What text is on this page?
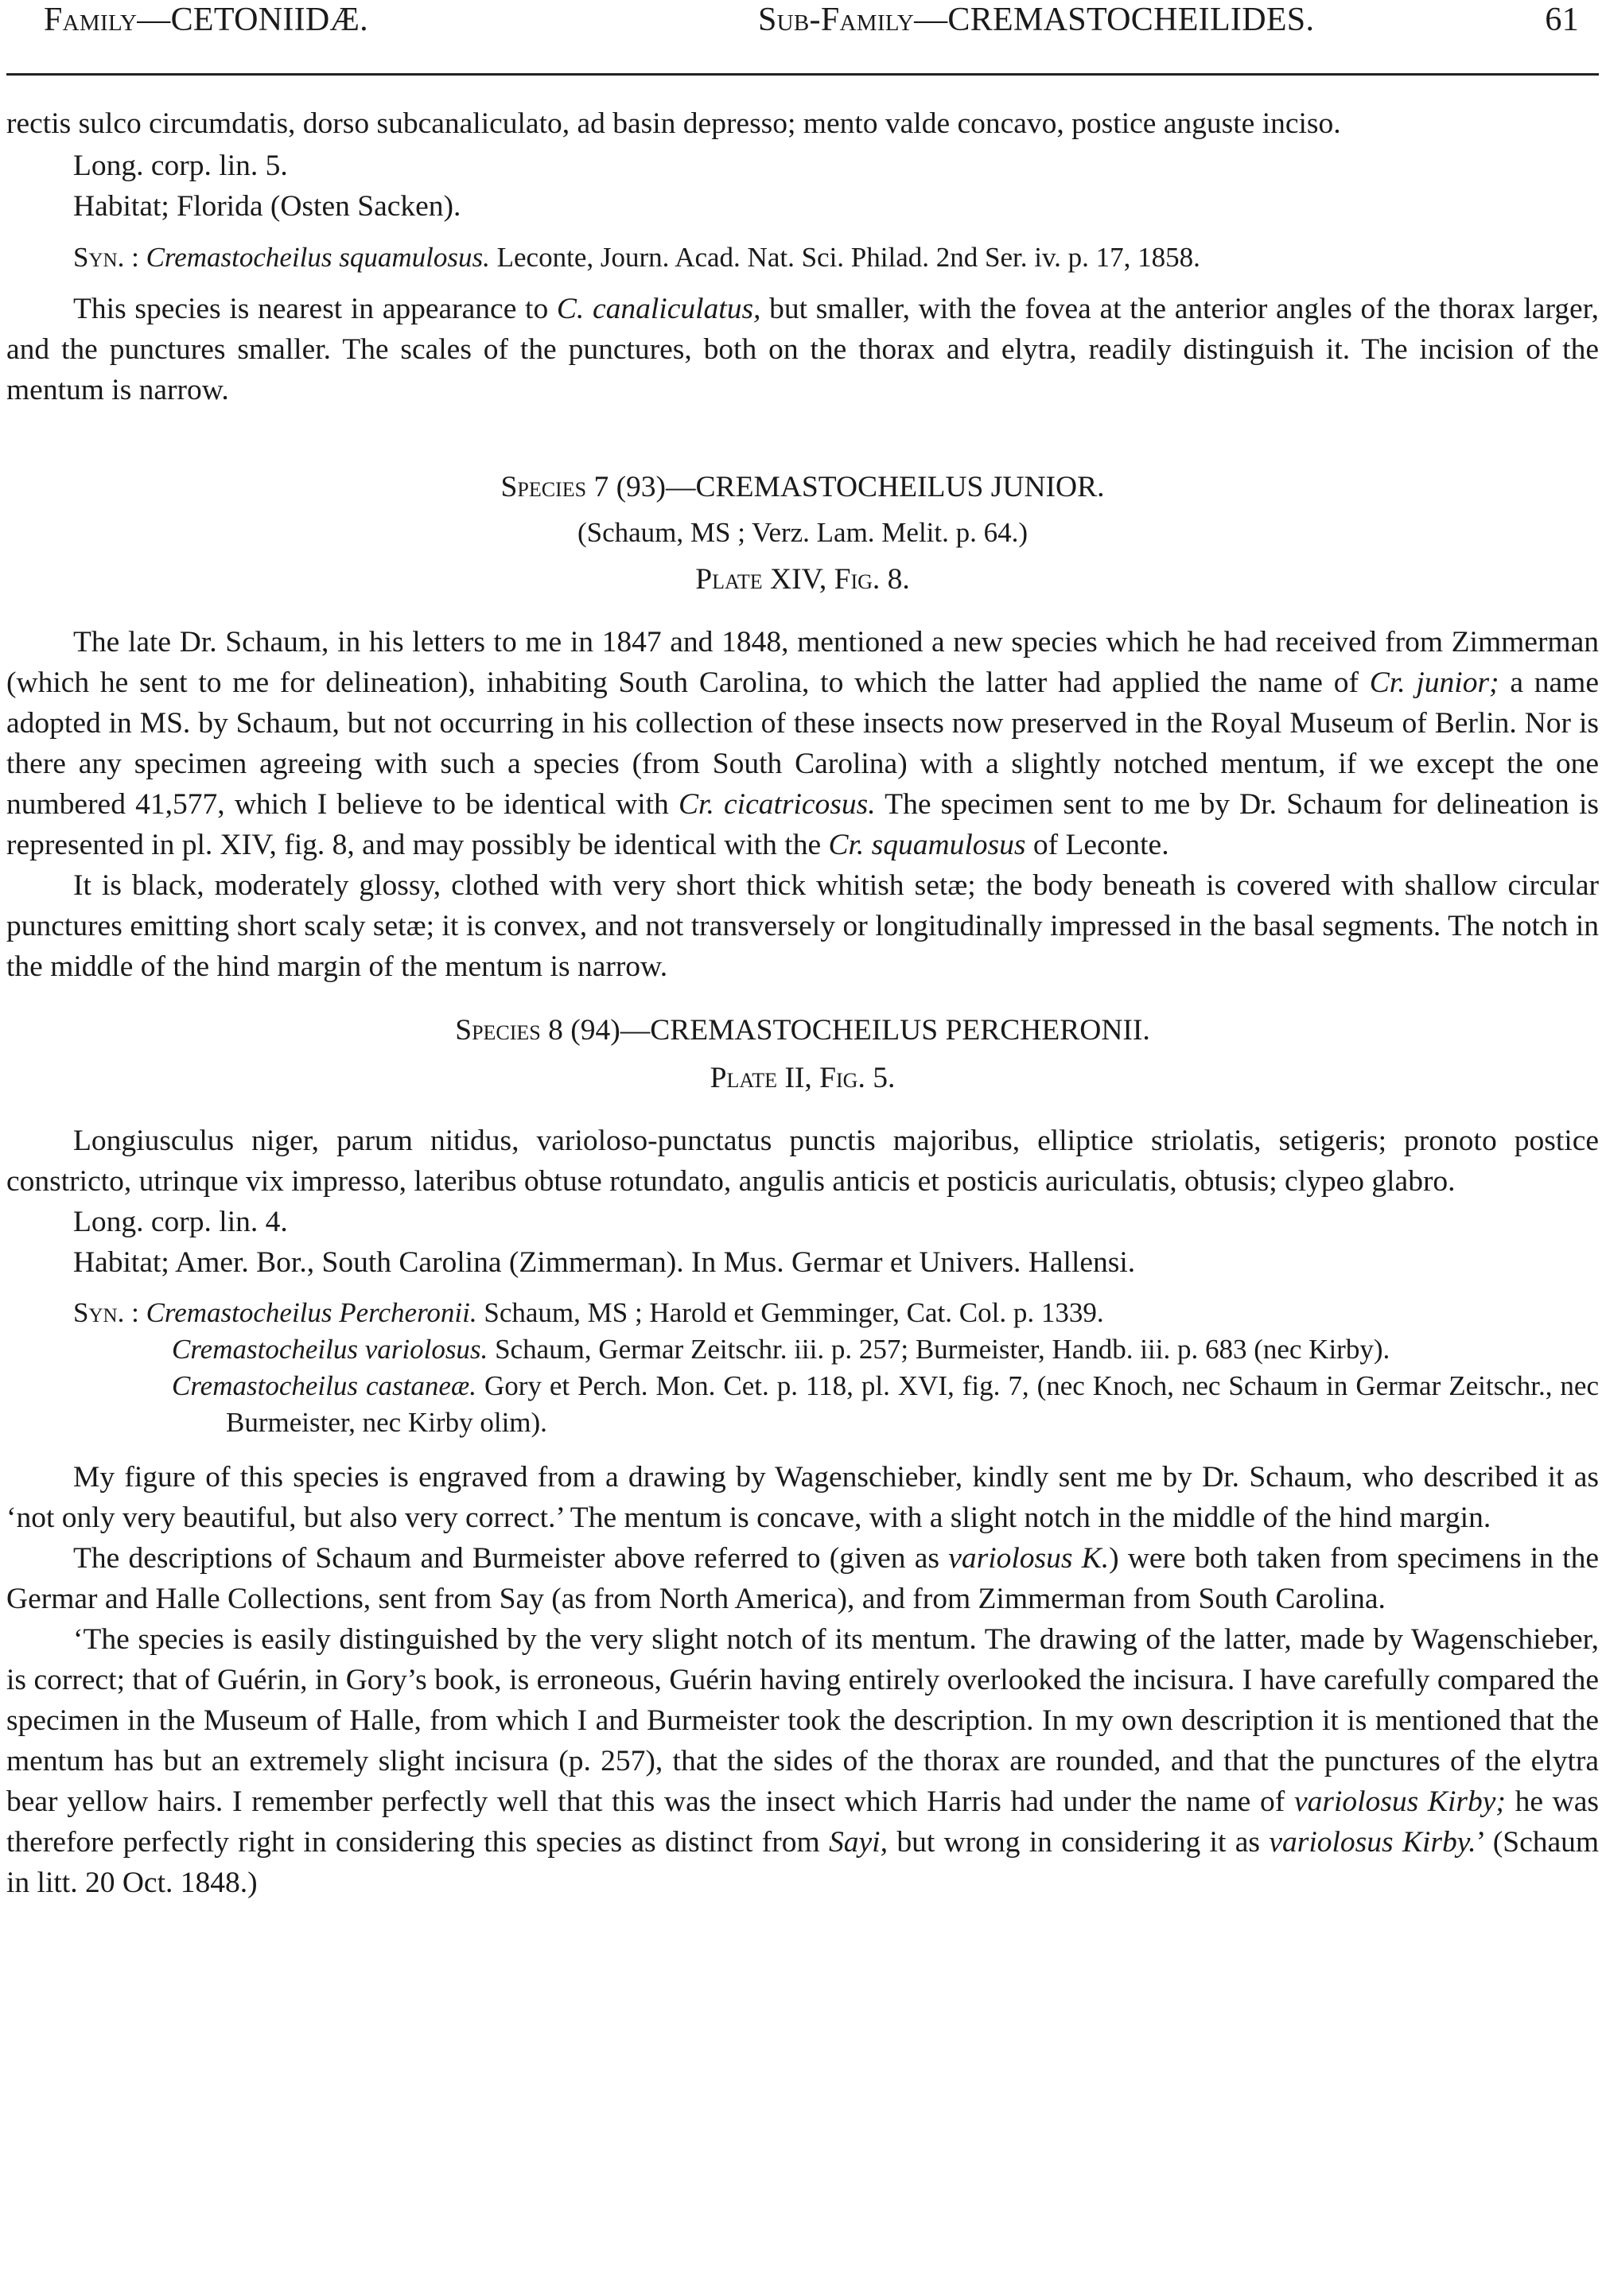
Family—CETONIIDÆ.	Sub-Family—CREMASTOCHEILIDES.	61

rectis sulco circumdatis, dorso subcanaliculato, ad basin depresso; mento valde concavo, postice anguste inciso.

Long. corp. lin. 5.

Habitat; Florida (Osten Sacken).

Syn. : Cremastocheilus squamulosus. Leconte, Journ. Acad. Nat. Sci. Philad. 2nd Ser. iv. p. 17, 1858.

This species is nearest in appearance to C. canaliculatus, but smaller, with the fovea at the anterior angles of the thorax larger, and the punctures smaller. The scales of the punctures, both on the thorax and elytra, readily distinguish it. The incision of the mentum is narrow.

Species 7 (93)—CREMASTOCHEILUS JUNIOR.

(Schaum, MS ; Verz. Lam. Melit. p. 64.)

Plate XIV, Fig. 8.

The late Dr. Schaum, in his letters to me in 1847 and 1848, mentioned a new species which he had received from Zimmerman (which he sent to me for delineation), inhabiting South Carolina, to which the latter had applied the name of Cr. junior; a name adopted in MS. by Schaum, but not occurring in his collection of these insects now preserved in the Royal Museum of Berlin. Nor is there any specimen agreeing with such a species (from South Carolina) with a slightly notched mentum, if we except the one numbered 41,577, which I believe to be identical with Cr. cicatricosus. The specimen sent to me by Dr. Schaum for delineation is represented in pl. XIV, fig. 8, and may possibly be identical with the Cr. squamulosus of Leconte.

It is black, moderately glossy, clothed with very short thick whitish setæ; the body beneath is covered with shallow circular punctures emitting short scaly setæ; it is convex, and not transversely or longitudinally impressed in the basal segments. The notch in the middle of the hind margin of the mentum is narrow.

Species 8 (94)—CREMASTOCHEILUS PERCHERONII.

Plate II, Fig. 5.

Longiusculus niger, parum nitidus, varioloso-punctatus punctis majoribus, elliptice striolatis, setigeris; pronoto postice constricto, utrinque vix impresso, lateribus obtuse rotundato, angulis anticis et posticis auriculatis, obtusis; clypeo glabro.

Long. corp. lin. 4.

Habitat; Amer. Bor., South Carolina (Zimmerman). In Mus. Germar et Univers. Hallensi.

Syn. : Cremastocheilus Percheronii. Schaum, MS ; Harold et Gemminger, Cat. Col. p. 1339.

Cremastocheilus variolosus. Schaum, Germar Zeitschr. iii. p. 257; Burmeister, Handb. iii. p. 683 (nec Kirby).

Cremastocheilus castaneæ. Gory et Perch. Mon. Cet. p. 118, pl. XVI, fig. 7, (nec Knoch, nec Schaum in Germar Zeitschr., nec Burmeister, nec Kirby olim).

My figure of this species is engraved from a drawing by Wagenschieber, kindly sent me by Dr. Schaum, who described it as ‘not only very beautiful, but also very correct.’ The mentum is concave, with a slight notch in the middle of the hind margin.

The descriptions of Schaum and Burmeister above referred to (given as variolosus K.) were both taken from specimens in the Germar and Halle Collections, sent from Say (as from North America), and from Zimmerman from South Carolina.

‘The species is easily distinguished by the very slight notch of its mentum. The drawing of the latter, made by Wagenschieber, is correct; that of Guérin, in Gory’s book, is erroneous, Guérin having entirely overlooked the incisura. I have carefully compared the specimen in the Museum of Halle, from which I and Burmeister took the description. In my own description it is mentioned that the mentum has but an extremely slight incisura (p. 257), that the sides of the thorax are rounded, and that the punctures of the elytra bear yellow hairs. I remember perfectly well that this was the insect which Harris had under the name of variolosus Kirby; he was therefore perfectly right in considering this species as distinct from Sayi, but wrong in considering it as variolosus Kirby.’ (Schaum in litt. 20 Oct. 1848.)
